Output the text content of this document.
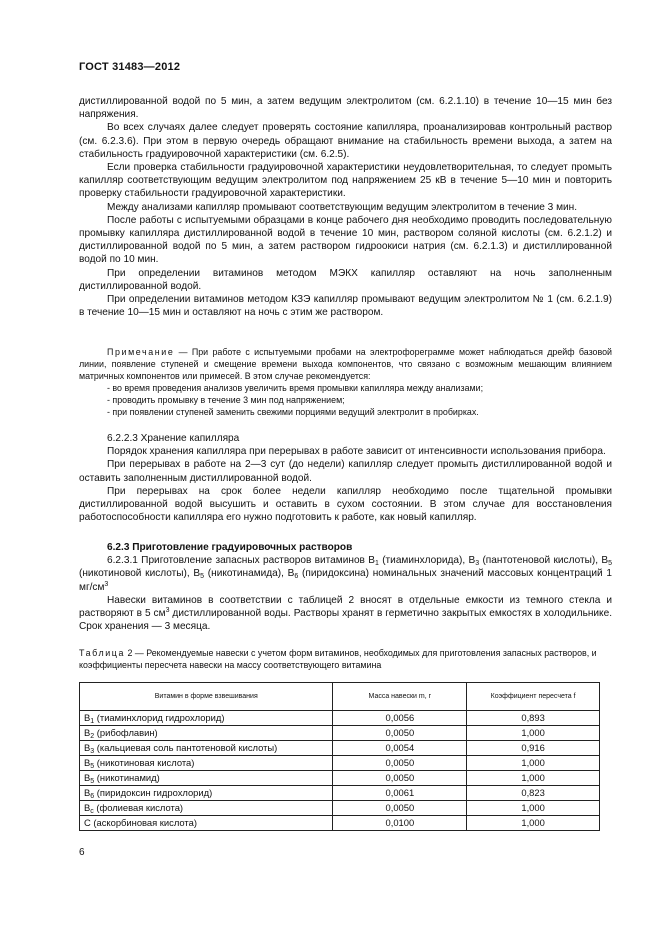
ГОСТ 31483—2012

дистиллированной водой по 5 мин, а затем ведущим электролитом (см. 6.2.1.10) в течение 10—15 мин без напряжения.

Во всех случаях далее следует проверять состояние капилляра, проанализировав контрольный раствор (см. 6.2.3.6). При этом в первую очередь обращают внимание на стабильность времени выхода, а затем на стабильность градуировочной характеристики (см. 6.2.5).

Если проверка стабильности градуировочной характеристики неудовлетворительная, то следует промыть капилляр соответствующим ведущим электролитом под напряжением 25 кВ в течение 5—10 мин и повторить проверку стабильности градуировочной характеристики.

Между анализами капилляр промывают соответствующим ведущим электролитом в течение 3 мин.

После работы с испытуемыми образцами в конце рабочего дня необходимо проводить последовательную промывку капилляра дистиллированной водой в течение 10 мин, раствором соляной кислоты (см. 6.2.1.2) и дистиллированной водой по 5 мин, а затем раствором гидроокиси натрия (см. 6.2.1.3) и дистиллированной водой по 10 мин.

При определении витаминов методом МЭКХ капилляр оставляют на ночь заполненным дистиллированной водой.

При определении витаминов методом КЗЭ капилляр промывают ведущим электролитом № 1 (см. 6.2.1.9) в течение 10—15 мин и оставляют на ночь с этим же раствором.

Примечание — При работе с испытуемыми пробами на электрофореграмме может наблюдаться дрейф базовой линии, появление ступеней и смещение времени выхода компонентов, что связано с возможным мешающим влиянием матричных компонентов или примесей. В этом случае рекомендуется:

- во время проведения анализов увеличить время промывки капилляра между анализами;

- проводить промывку в течение 3 мин под напряжением;

- при появлении ступеней заменить свежими порциями ведущий электролит в пробирках.

6.2.2.3 Хранение капилляра

Порядок хранения капилляра при перерывах в работе зависит от интенсивности использования прибора.

При перерывах в работе на 2—3 сут (до недели) капилляр следует промыть дистиллированной водой и оставить заполненным дистиллированной водой.

При перерывах на срок более недели капилляр необходимо после тщательной промывки дистиллированной водой высушить и оставить в сухом состоянии. В этом случае для восстановления работоспособности капилляра его нужно подготовить к работе, как новый капилляр.

6.2.3 Приготовление градуировочных растворов

6.2.3.1 Приготовление запасных растворов витаминов $B_1$ (тиаминхлорида), $B_3$ (пантотеновой кислоты), $B_5$ (никотиновой кислоты), $B_5$ (никотинамида), $B_6$ (пиридоксина) номинальных значений массовых концентраций 1 $мг/см^3$

Навески витаминов в соответствии с таблицей 2 вносят в отдельные емкости из темного стекла и растворяют в 5 $см^3$ дистиллированной воды. Растворы хранят в герметично закрытых емкостях в холодильнике. Срок хранения — 3 месяца.

Таблица 2 — Рекомендуемые навески с учетом форм витаминов, необходимых для приготовления запасных растворов, и коэффициенты пересчета навески на массу соответствующего витамина

Витамин в форме взвешивания	Масса навески m, г	Коэффициент пересчета f
$B_1$ (тиаминхлорид гидрохлорид)	0,0056	0,893
$B_2$ (рибофлавин)	0,0050	1,000
$B_3$ (кальциевая соль пантотеновой кислоты)	0,0054	0,916
$B_5$ (никотиновая кислота)	0,0050	1,000
$B_5$ (никотинамид)	0,0050	1,000
$B_6$ (пиридоксин гидрохлорид)	0,0061	0,823
$B_c$ (фолиевая кислота)	0,0050	1,000
C (аскорбиновая кислота)	0,0100	1,000
6
